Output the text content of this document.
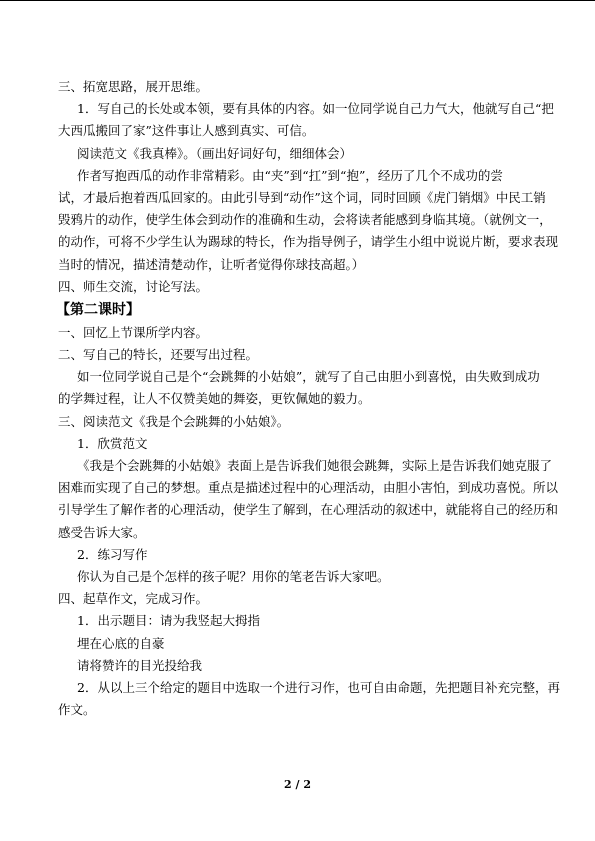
三、拓宽思路，展开思维。
1．写自己的长处或本领，要有具体的内容。如一位同学说自己力气大，他就写自己“把
大西瓜搬回了家”这件事让人感到真实、可信。
阅读范文《我真棒》。（画出好词好句，细细体会）
作者写抱西瓜的动作非常精彩。由“夹”到“扛”到“抱”，经历了几个不成功的尝
试，才最后抱着西瓜回家的。由此引导到“动作”这个词，同时回顾《虎门销烟》中民工销
毁鸦片的动作，使学生体会到动作的准确和生动，会将读者能感到身临其境。（就例文一，
的动作，可将不少学生认为踢球的特长，作为指导例子，请学生小组中说说片断，要求表现
当时的情况，描述清楚动作，让听者觉得你球技高超。）
四、师生交流，讨论写法。
【第二课时】
一、回忆上节课所学内容。
二、写自己的特长，还要写出过程。
如一位同学说自己是个“会跳舞的小姑娘”，就写了自己由胆小到喜悦，由失败到成功
的学舞过程，让人不仅赞美她的舞姿，更钦佩她的毅力。
三、阅读范文《我是个会跳舞的小姑娘》。
1．欣赏范文
《我是个会跳舞的小姑娘》表面上是告诉我们她很会跳舞，实际上是告诉我们她克服了
困难而实现了自己的梦想。重点是描述过程中的心理活动，由胆小害怕，到成功喜悦。所以
引导学生了解作者的心理活动，使学生了解到，在心理活动的叙述中，就能将自己的经历和
感受告诉大家。
2．练习写作
你认为自己是个怎样的孩子呢？用你的笔老告诉大家吧。
四、起草作文，完成习作。
1．出示题目：请为我竖起大拇指
埋在心底的自豪
请将赞许的目光投给我
2．从以上三个给定的题目中选取一个进行习作，也可自由命题，先把题目补充完整，再
作文。
2 / 2
